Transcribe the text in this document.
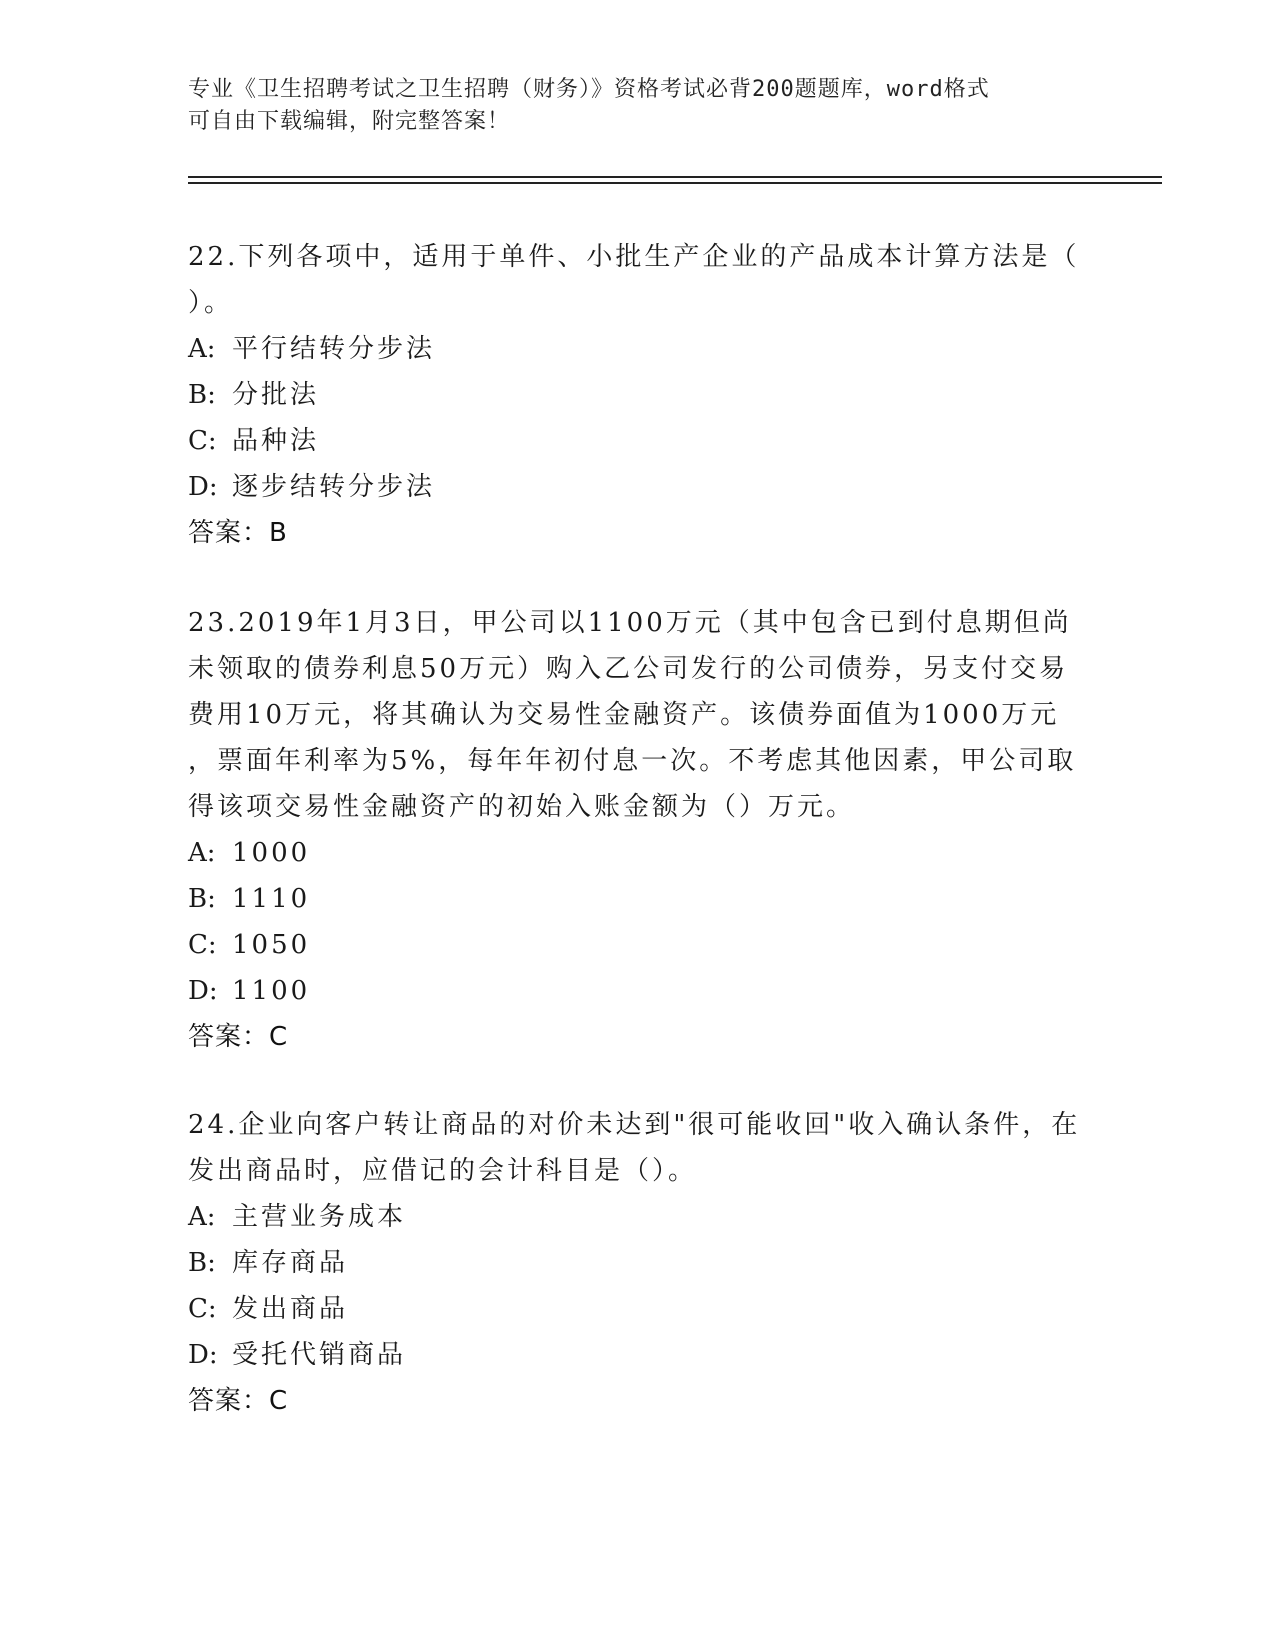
专业《卫生招聘考试之卫生招聘（财务）》资格考试必背200题题库，word格式
可自由下载编辑，附完整答案！
22.下列各项中，适用于单件、小批生产企业的产品成本计算方法是（
）。
A: 平行结转分步法
B: 分批法
C: 品种法
D: 逐步结转分步法
答案：B
23.2019年1月3日，甲公司以1100万元（其中包含已到付息期但尚
未领取的债券利息50万元）购入乙公司发行的公司债券，另支付交易
费用10万元，将其确认为交易性金融资产。该债券面值为1000万元
，票面年利率为5%，每年年初付息一次。不考虑其他因素，甲公司取
得该项交易性金融资产的初始入账金额为（）万元。
A: 1000
B: 1110
C: 1050
D: 1100
答案：C
24.企业向客户转让商品的对价未达到"很可能收回"收入确认条件，在
发出商品时，应借记的会计科目是（）。
A: 主营业务成本
B: 库存商品
C: 发出商品
D: 受托代销商品
答案：C
